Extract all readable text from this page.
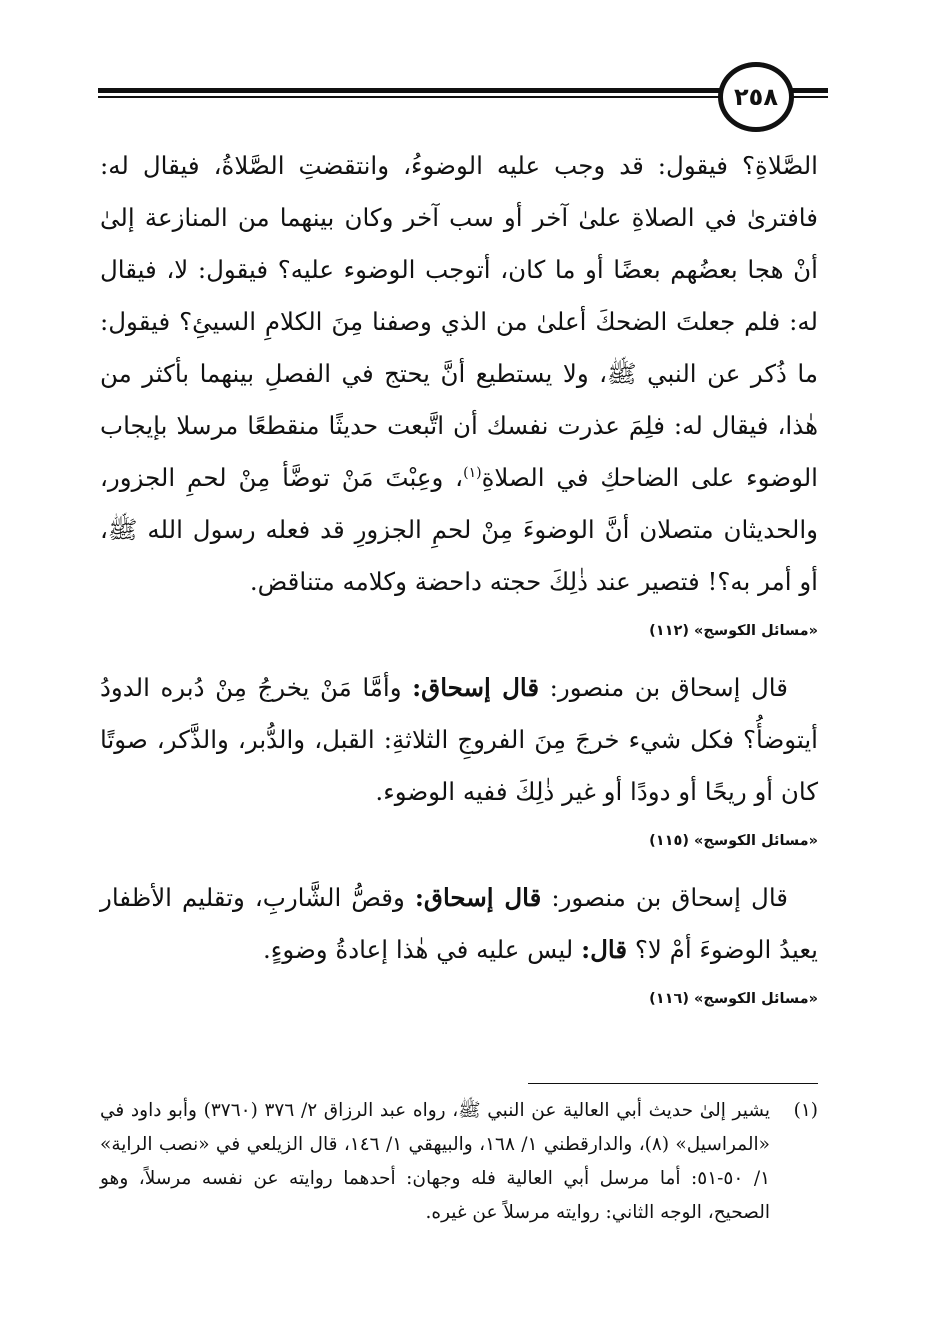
٢٥٨

الصَّلاةِ؟ فيقول: قد وجب عليه الوضوءُ، وانتقضتِ الصَّلاةُ، فيقال له: فافترىٰ في الصلاةِ علىٰ آخر أو سب آخر وكان بينهما من المنازعة إلىٰ أنْ هجا بعضُهم بعضًا أو ما كان، أتوجب الوضوء عليه؟ فيقول: لا، فيقال له: فلم جعلتَ الضحكَ أعلىٰ من الذي وصفنا مِنَ الكلامِ السيئِ؟ فيقول: ما ذُكر عن النبي ﷺ، ولا يستطيع أنَّ يحتج في الفصلِ بينهما بأكثر من هٰذا، فيقال له: فلِمَ عذرت نفسك أن اتَّبعت حديثًا منقطعًا مرسلا بإيجاب الوضوء على الضاحكِ في الصلاةِ$^{(١)}$، وعِبْتَ مَنْ توضَّأ مِنْ لحمِ الجزور، والحديثان متصلان أنَّ الوضوءَ مِنْ لحمِ الجزورِ قد فعله رسول الله ﷺ، أو أمر به؟! فتصير عند ذٰلِكَ حجته داحضة وكلامه متناقض.

«مسائل الكوسج» (١١٢)

قال إسحاق بن منصور: قال إسحاق: وأمَّا مَنْ يخرجُ مِنْ دُبره الدودُ أيتوضأُ؟ فكل شيء خرجَ مِنَ الفروجِ الثلاثةِ: القبل، والدُّبر، والذَّكر، صوتًا كان أو ريحًا أو دودًا أو غير ذٰلِكَ ففيه الوضوء.

«مسائل الكوسج» (١١٥)

قال إسحاق بن منصور: قال إسحاق: وقصُّ الشَّاربِ، وتقليم الأظفار يعيدُ الوضوءَ أمْ لا؟ قال: ليس عليه في هٰذا إعادةُ وضوءٍ.

«مسائل الكوسج» (١١٦)
(١)
يشير إلىٰ حديث أبي العالية عن النبي ﷺ، رواه عبد الرزاق ٢/ ٣٧٦ (٣٧٦٠) وأبو داود في «المراسيل» (٨)، والدارقطني ١/ ١٦٨، والبيهقي ١/ ١٤٦، قال الزيلعي في «نصب الراية» ١/ ٥٠-٥١: أما مرسل أبي العالية فله وجهان: أحدهما روايته عن نفسه مرسلاً، وهو الصحيح، الوجه الثاني: روايته مرسلاً عن غيره.
